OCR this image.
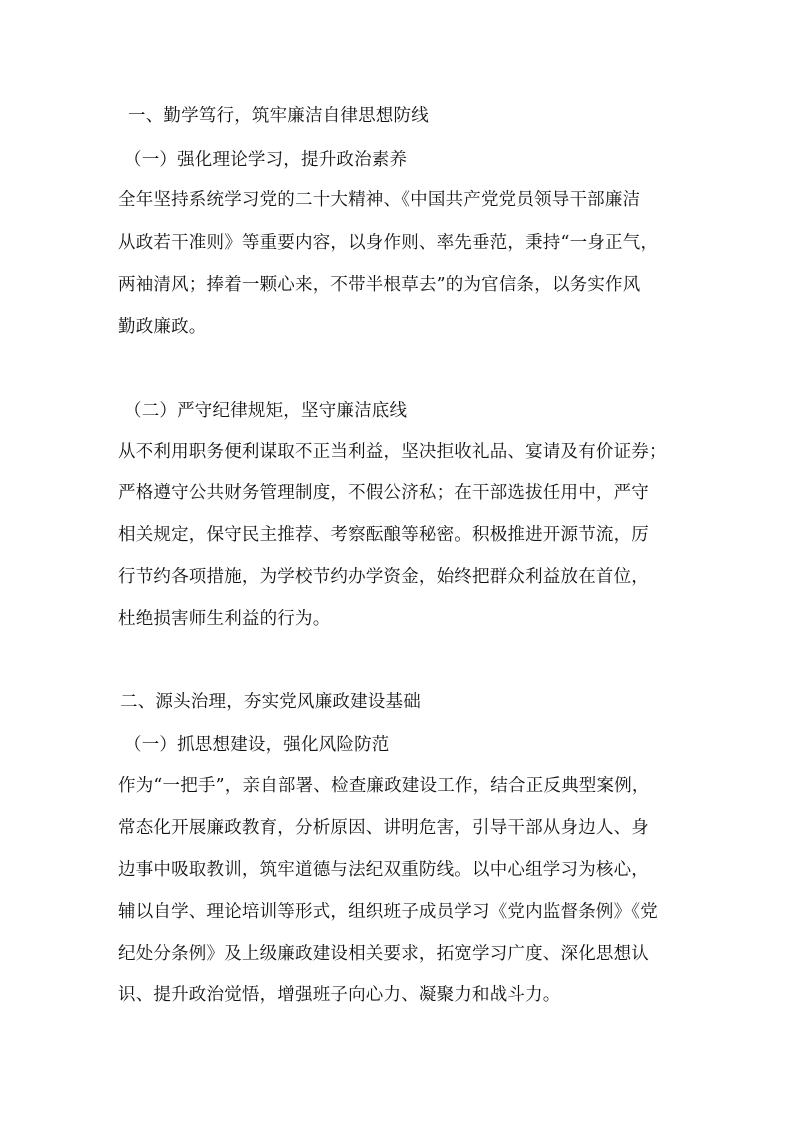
一、勤学笃行，筑牢廉洁自律思想防线
（一）强化理论学习，提升政治素养
全年坚持系统学习党的二十大精神、《中国共产党党员领导干部廉洁
从政若干准则》等重要内容，以身作则、率先垂范，秉持“一身正气，
两袖清风；捧着一颗心来，不带半根草去”的为官信条，以务实作风
勤政廉政。
（二）严守纪律规矩，坚守廉洁底线
从不利用职务便利谋取不正当利益，坚决拒收礼品、宴请及有价证券；
严格遵守公共财务管理制度，不假公济私；在干部选拔任用中，严守
相关规定，保守民主推荐、考察酝酿等秘密。积极推进开源节流，厉
行节约各项措施，为学校节约办学资金，始终把群众利益放在首位，
杜绝损害师生利益的行为。
二、源头治理，夯实党风廉政建设基础
（一）抓思想建设，强化风险防范
作为“一把手”，亲自部署、检查廉政建设工作，结合正反典型案例，
常态化开展廉政教育，分析原因、讲明危害，引导干部从身边人、身
边事中吸取教训，筑牢道德与法纪双重防线。以中心组学习为核心，
辅以自学、理论培训等形式，组织班子成员学习《党内监督条例》《党
纪处分条例》及上级廉政建设相关要求，拓宽学习广度、深化思想认
识、提升政治觉悟，增强班子向心力、凝聚力和战斗力。
